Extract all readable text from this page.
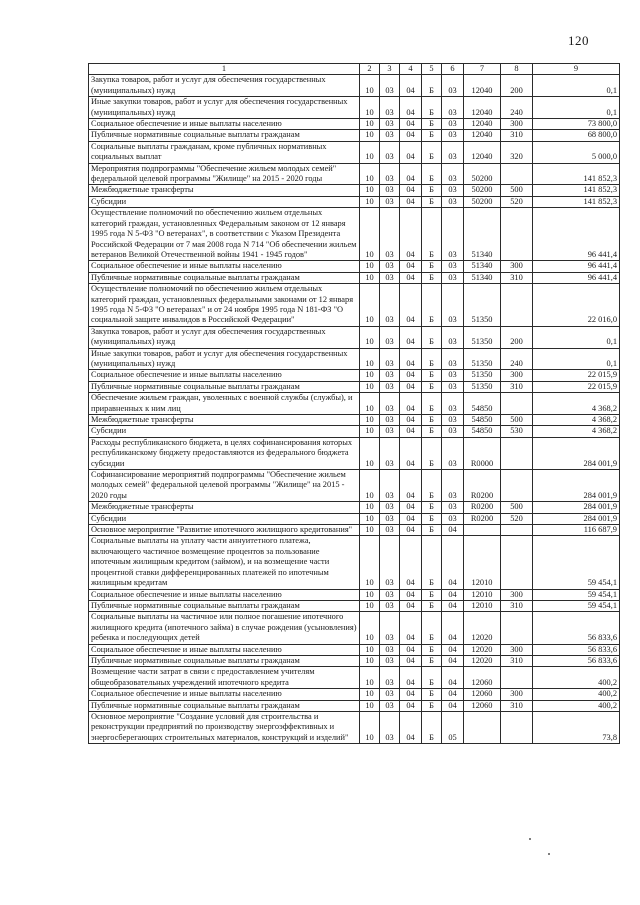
120
1	2	3	4	5	6	7	8	9
Закупка товаров, работ и услуг для обеспечения государственных (муниципальных) нужд	10	03	04	Б	03	12040	200	0,1
Иные закупки товаров, работ и услуг для обеспечения государственных (муниципальных) нужд	10	03	04	Б	03	12040	240	0,1
Социальное обеспечение и иные выплаты населению	10	03	04	Б	03	12040	300	73 800,0
Публичные нормативные социальные выплаты гражданам	10	03	04	Б	03	12040	310	68 800,0
Социальные выплаты гражданам, кроме публичных нормативных социальных выплат	10	03	04	Б	03	12040	320	5 000,0
Мероприятия подпрограммы "Обеспечение жильем молодых семей" федеральной целевой программы "Жилище" на 2015 - 2020 годы	10	03	04	Б	03	50200		141 852,3
Межбюджетные трансферты	10	03	04	Б	03	50200	500	141 852,3
Субсидии	10	03	04	Б	03	50200	520	141 852,3
Осуществление полномочий по обеспечению жильем отдельных категорий граждан, установленных Федеральным законом от 12 января 1995 года N 5-ФЗ "О ветеранах", в соответствии с Указом Президента Российской Федерации от 7 мая 2008 года N 714 "Об обеспечении жильем ветеранов Великой Отечественной войны 1941 - 1945 годов"	10	03	04	Б	03	51340		96 441,4
Социальное обеспечение и иные выплаты населению	10	03	04	Б	03	51340	300	96 441,4
Публичные нормативные социальные выплаты гражданам	10	03	04	Б	03	51340	310	96 441,4
Осуществление полномочий по обеспечению жильем отдельных категорий граждан, установленных федеральными законами от 12 января 1995 года N 5-ФЗ "О ветеранах" и от 24 ноября 1995 года N 181-ФЗ "О социальной защите инвалидов в Российской Федерации"	10	03	04	Б	03	51350		22 016,0
Закупка товаров, работ и услуг для обеспечения государственных (муниципальных) нужд	10	03	04	Б	03	51350	200	0,1
Иные закупки товаров, работ и услуг для обеспечения государственных (муниципальных) нужд	10	03	04	Б	03	51350	240	0,1
Социальное обеспечение и иные выплаты населению	10	03	04	Б	03	51350	300	22 015,9
Публичные нормативные социальные выплаты гражданам	10	03	04	Б	03	51350	310	22 015,9
Обеспечение жильем граждан, уволенных с военной службы (службы), и приравненных к ним лиц	10	03	04	Б	03	54850		4 368,2
Межбюджетные трансферты	10	03	04	Б	03	54850	500	4 368,2
Субсидии	10	03	04	Б	03	54850	530	4 368,2
Расходы республиканского бюджета, в целях софинансирования которых республиканскому бюджету предоставляются из федерального бюджета субсидии	10	03	04	Б	03	R0000		284 001,9
Софинансирование мероприятий подпрограммы "Обеспечение жильем молодых семей" федеральной целевой программы "Жилище" на 2015 - 2020 годы	10	03	04	Б	03	R0200		284 001,9
Межбюджетные трансферты	10	03	04	Б	03	R0200	500	284 001,9
Субсидии	10	03	04	Б	03	R0200	520	284 001,9
Основное мероприятие "Развитие ипотечного жилищного кредитования"	10	03	04	Б	04			116 687,9
Социальные выплаты на уплату части аннуитетного платежа, включающего частичное возмещение процентов за пользование ипотечным жилищным кредитом (займом), и на возмещение части процентной ставки дифференцированных платежей по ипотечным жилищным кредитам	10	03	04	Б	04	12010		59 454,1
Социальное обеспечение и иные выплаты населению	10	03	04	Б	04	12010	300	59 454,1
Публичные нормативные социальные выплаты гражданам	10	03	04	Б	04	12010	310	59 454,1
Социальные выплаты на частичное или полное погашение ипотечного жилищного кредита (ипотечного займа) в случае рождения (усыновления) ребенка и последующих детей	10	03	04	Б	04	12020		56 833,6
Социальное обеспечение и иные выплаты населению	10	03	04	Б	04	12020	300	56 833,6
Публичные нормативные социальные выплаты гражданам	10	03	04	Б	04	12020	310	56 833,6
Возмещение части затрат в связи с предоставлением учителям общеобразовательных учреждений ипотечного кредита	10	03	04	Б	04	12060		400,2
Социальное обеспечение и иные выплаты населению	10	03	04	Б	04	12060	300	400,2
Публичные нормативные социальные выплаты гражданам	10	03	04	Б	04	12060	310	400,2
Основное мероприятие "Создание условий для строительства и реконструкции предприятий по производству энергоэффективных и энергосберегающих строительных материалов, конструкций и изделий"	10	03	04	Б	05			73,8
